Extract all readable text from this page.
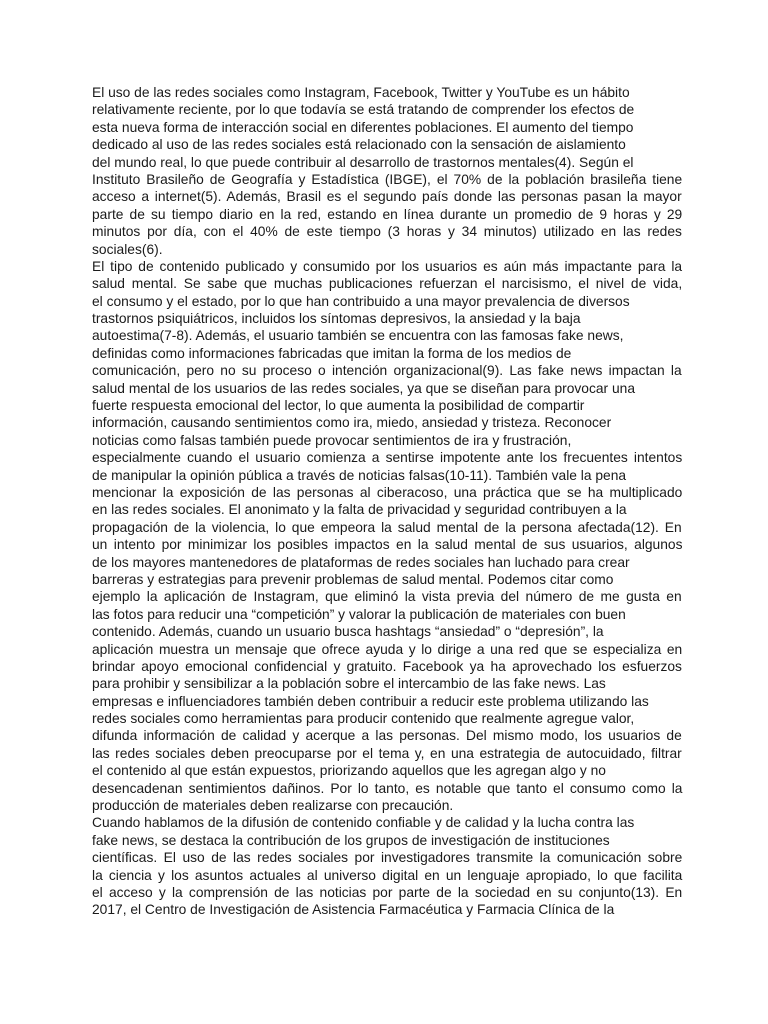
El uso de las redes sociales como Instagram, Facebook, Twitter y YouTube es un hábito
relativamente reciente, por lo que todavía se está tratando de comprender los efectos de
esta nueva forma de interacción social en diferentes poblaciones. El aumento del tiempo
dedicado al uso de las redes sociales está relacionado con la sensación de aislamiento
del mundo real, lo que puede contribuir al desarrollo de trastornos mentales(4). Según el
Instituto Brasileño de Geografía y Estadística (IBGE), el 70% de la población brasileña tiene
acceso a internet(5). Además, Brasil es el segundo país donde las personas pasan la mayor
parte de su tiempo diario en la red, estando en línea durante un promedio de 9 horas y 29
minutos por día, con el 40% de este tiempo (3 horas y 34 minutos) utilizado en las redes
sociales(6).
El tipo de contenido publicado y consumido por los usuarios es aún más impactante para la
salud mental. Se sabe que muchas publicaciones refuerzan el narcisismo, el nivel de vida,
el consumo y el estado, por lo que han contribuido a una mayor prevalencia de diversos
trastornos psiquiátricos, incluidos los síntomas depresivos, la ansiedad y la baja
autoestima(7-8). Además, el usuario también se encuentra con las famosas fake news,
definidas como informaciones fabricadas que imitan la forma de los medios de
comunicación, pero no su proceso o intención organizacional(9). Las fake news impactan la
salud mental de los usuarios de las redes sociales, ya que se diseñan para provocar una
fuerte respuesta emocional del lector, lo que aumenta la posibilidad de compartir
información, causando sentimientos como ira, miedo, ansiedad y tristeza. Reconocer
noticias como falsas también puede provocar sentimientos de ira y frustración,
especialmente cuando el usuario comienza a sentirse impotente ante los frecuentes intentos
de manipular la opinión pública a través de noticias falsas(10-11). También vale la pena
mencionar la exposición de las personas al ciberacoso, una práctica que se ha multiplicado
en las redes sociales. El anonimato y la falta de privacidad y seguridad contribuyen a la
propagación de la violencia, lo que empeora la salud mental de la persona afectada(12). En
un intento por minimizar los posibles impactos en la salud mental de sus usuarios, algunos
de los mayores mantenedores de plataformas de redes sociales han luchado para crear
barreras y estrategias para prevenir problemas de salud mental. Podemos citar como
ejemplo la aplicación de Instagram, que eliminó la vista previa del número de me gusta en
las fotos para reducir una “competición” y valorar la publicación de materiales con buen
contenido. Además, cuando un usuario busca hashtags “ansiedad” o “depresión”, la
aplicación muestra un mensaje que ofrece ayuda y lo dirige a una red que se especializa en
brindar apoyo emocional confidencial y gratuito. Facebook ya ha aprovechado los esfuerzos
para prohibir y sensibilizar a la población sobre el intercambio de las fake news. Las
empresas e influenciadores también deben contribuir a reducir este problema utilizando las
redes sociales como herramientas para producir contenido que realmente agregue valor,
difunda información de calidad y acerque a las personas. Del mismo modo, los usuarios de
las redes sociales deben preocuparse por el tema y, en una estrategia de autocuidado, filtrar
el contenido al que están expuestos, priorizando aquellos que les agregan algo y no
desencadenan sentimientos dañinos. Por lo tanto, es notable que tanto el consumo como la
producción de materiales deben realizarse con precaución.
Cuando hablamos de la difusión de contenido confiable y de calidad y la lucha contra las
fake news, se destaca la contribución de los grupos de investigación de instituciones
científicas. El uso de las redes sociales por investigadores transmite la comunicación sobre
la ciencia y los asuntos actuales al universo digital en un lenguaje apropiado, lo que facilita
el acceso y la comprensión de las noticias por parte de la sociedad en su conjunto(13). En
2017, el Centro de Investigación de Asistencia Farmacéutica y Farmacia Clínica de la
